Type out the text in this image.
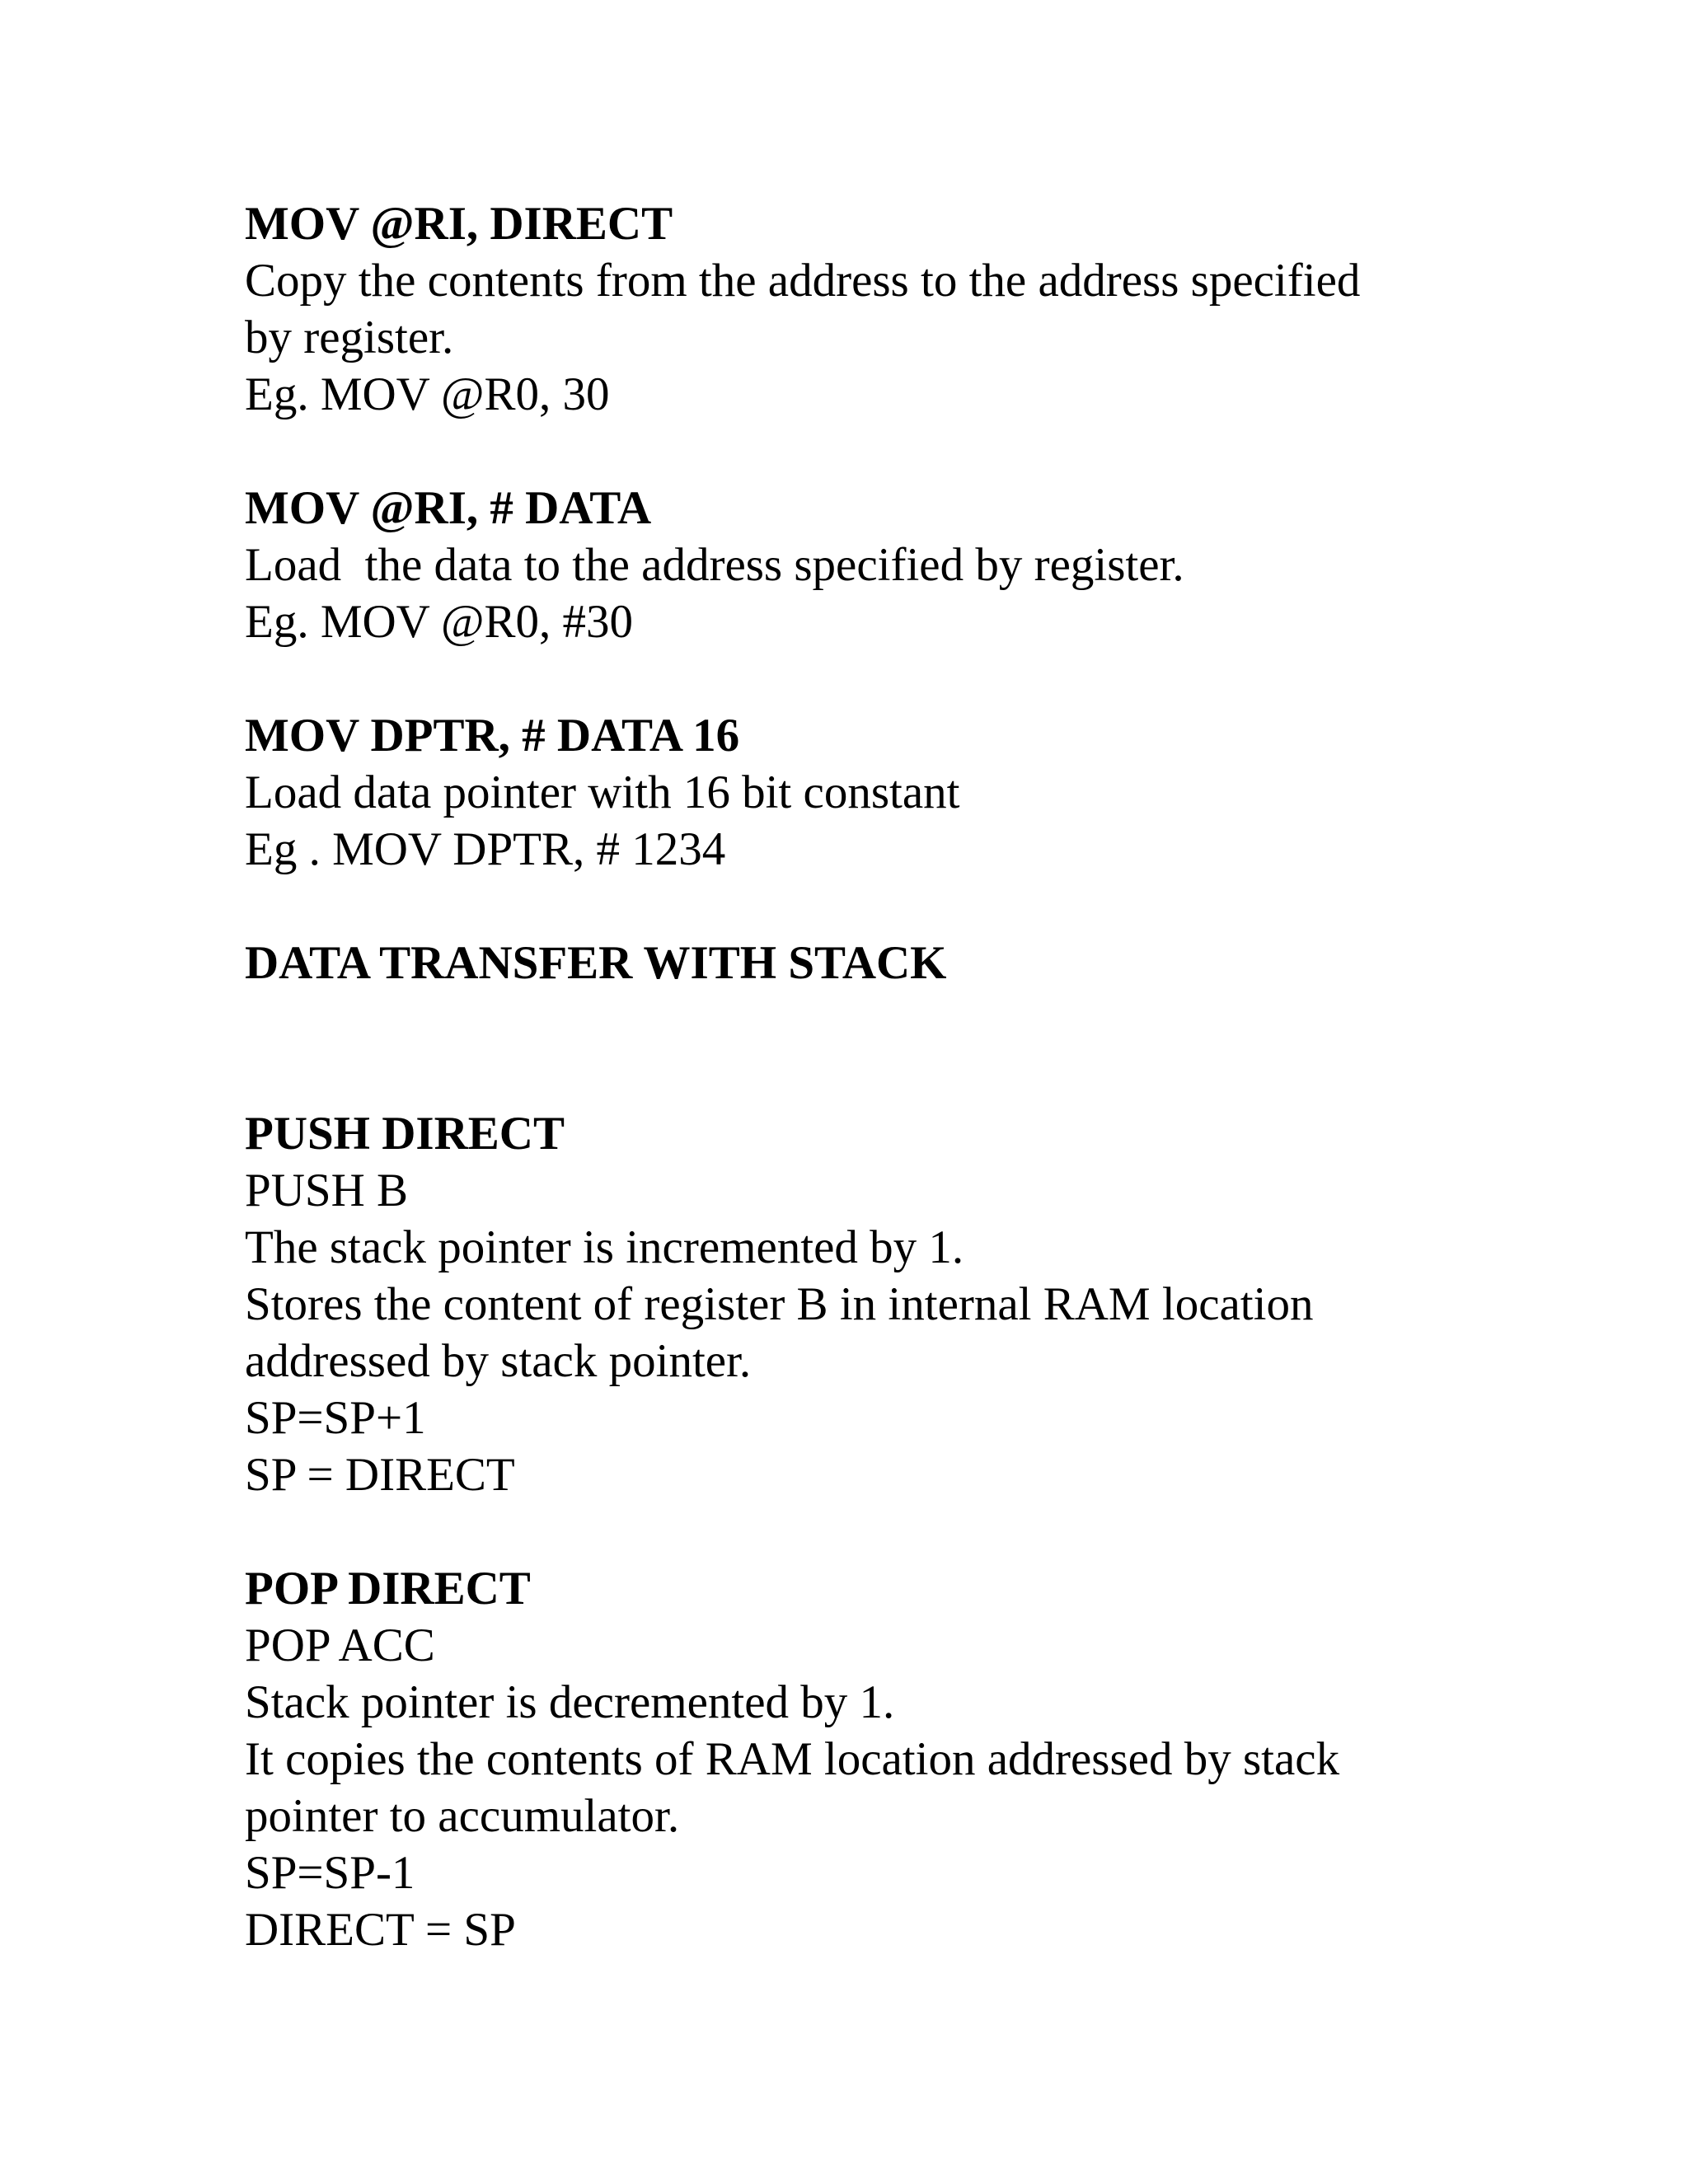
MOV @RI, DIRECT
Copy the contents from the address to the address specified
by register.
Eg. MOV @R0, 30
MOV @RI, # DATA
Load  the data to the address specified by register.
Eg. MOV @R0, #30
MOV DPTR, # DATA 16
Load data pointer with 16 bit constant
Eg . MOV DPTR, # 1234
DATA TRANSFER WITH STACK
PUSH DIRECT
PUSH B
The stack pointer is incremented by 1.
Stores the content of register B in internal RAM location
addressed by stack pointer.
SP=SP+1
SP = DIRECT
POP DIRECT
POP ACC
Stack pointer is decremented by 1.
It copies the contents of RAM location addressed by stack
pointer to accumulator.
SP=SP-1
DIRECT = SP
